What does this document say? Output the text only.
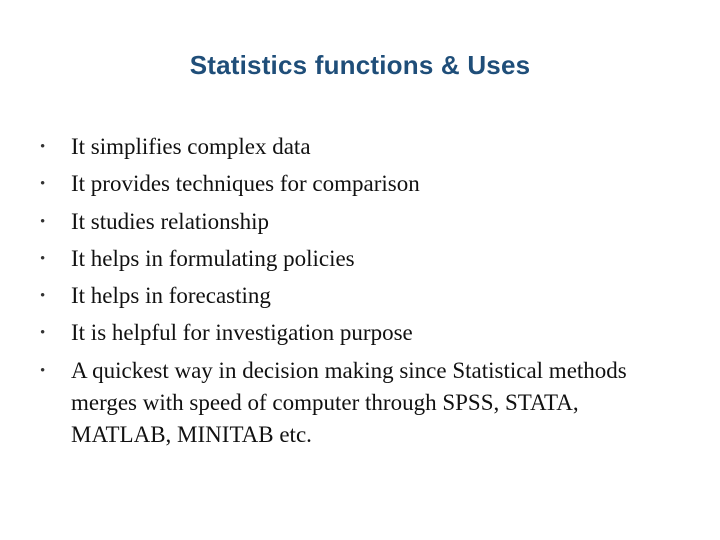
Statistics functions & Uses
• It simplifies complex data
• It provides techniques for comparison
• It studies relationship
• It helps in formulating policies
• It helps in forecasting
• It is helpful for investigation purpose
• A quickest way in decision making since Statistical methods merges with speed of computer through SPSS, STATA, MATLAB, MINITAB etc.
